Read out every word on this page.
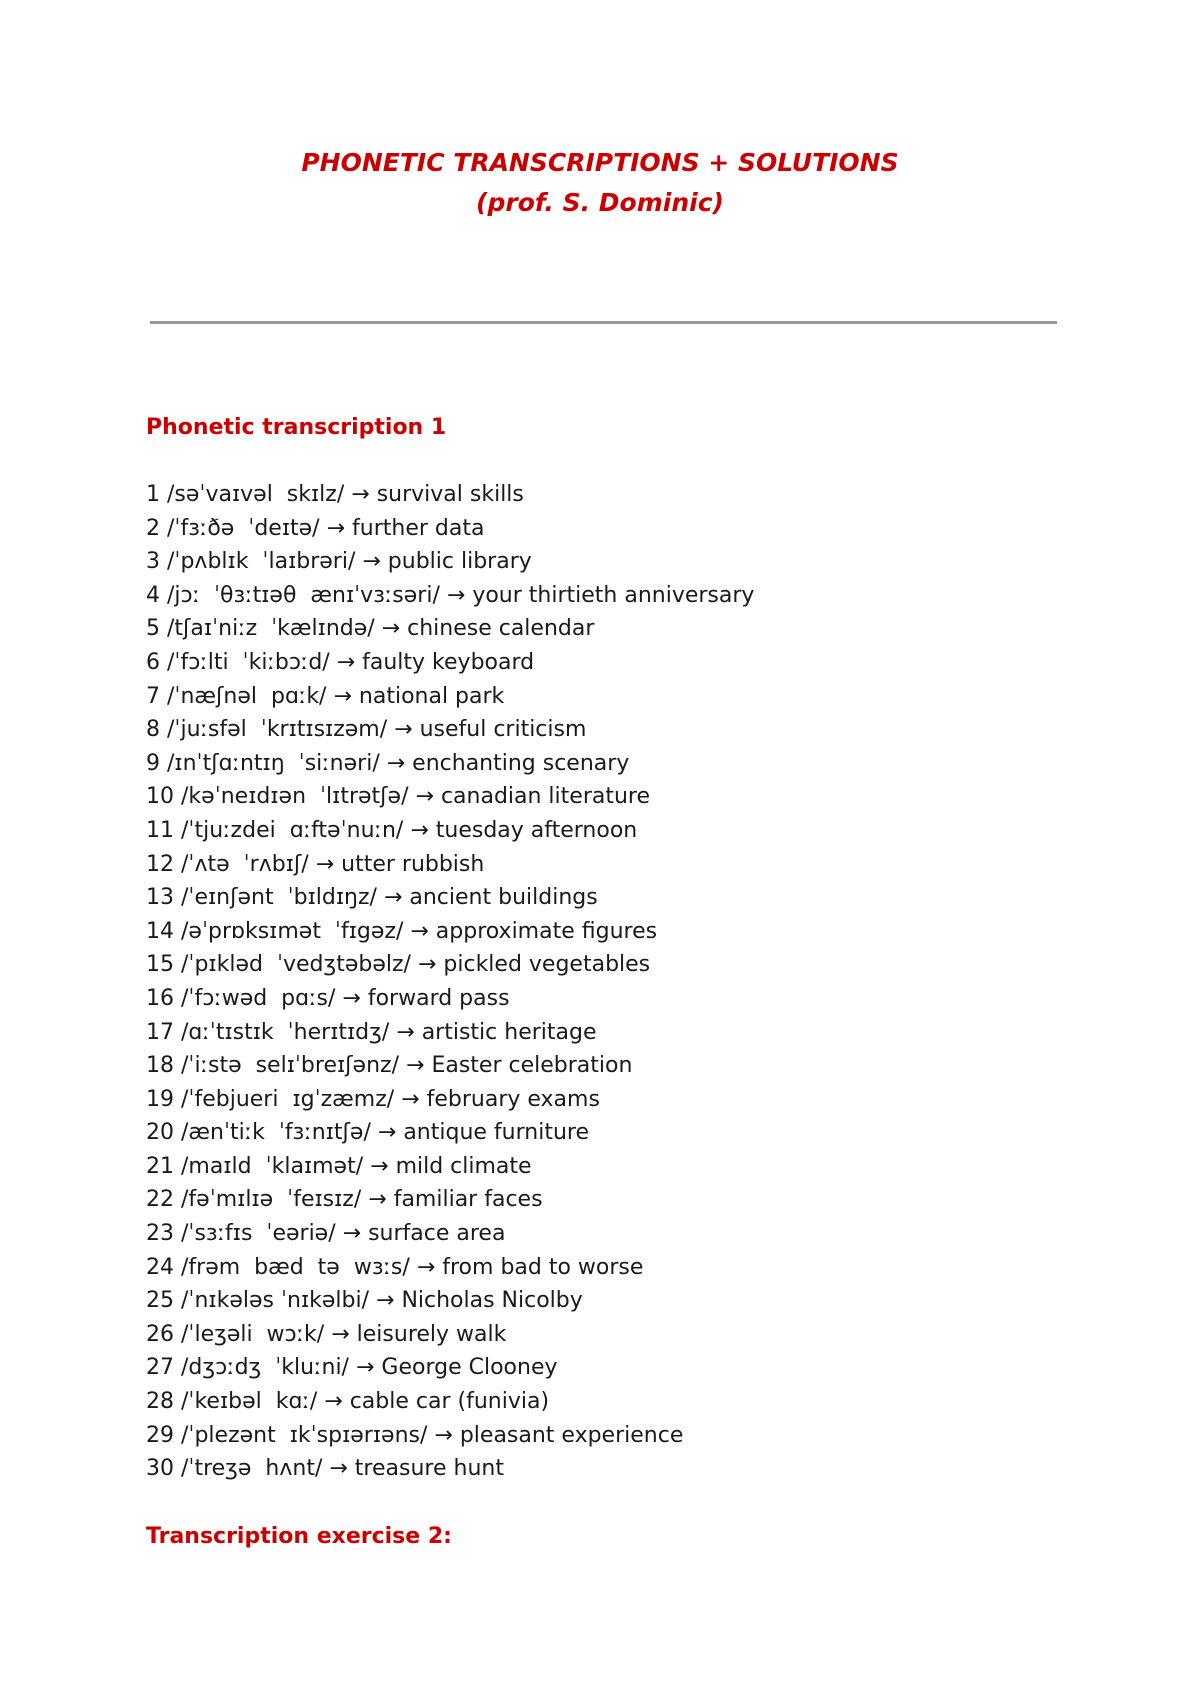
PHONETIC TRANSCRIPTIONS + SOLUTIONS
(prof. S. Dominic)
Phonetic transcription 1
1 /səˈvaɪvəl  skɪlz/ → survival skills
2 /ˈfɜːðə  ˈdeɪtə/ → further data
3 /ˈpʌblɪk  ˈlaɪbrəri/ → public library
4 /jɔː  ˈθɜːtɪəθ  ænɪˈvɜːsəri/ → your thirtieth anniversary
5 /tʃaɪˈniːz  ˈkælɪndə/ → chinese calendar
6 /ˈfɔːlti  ˈkiːbɔːd/ → faulty keyboard
7 /ˈnæʃnəl  pɑːk/ → national park
8 /ˈjuːsfəl  ˈkrɪtɪsɪzəm/ → useful criticism
9 /ɪnˈtʃɑːntɪŋ  ˈsiːnəri/ → enchanting scenary
10 /kəˈneɪdɪən  ˈlɪtrətʃə/ → canadian literature
11 /ˈtjuːzdei  ɑːftəˈnuːn/ → tuesday afternoon
12 /ˈʌtə  ˈrʌbɪʃ/ → utter rubbish
13 /ˈeɪnʃənt  ˈbɪldɪŋz/ → ancient buildings
14 /əˈprɒksɪmət  ˈfɪgəz/ → approximate figures
15 /ˈpɪkləd  ˈvedʒtəbəlz/ → pickled vegetables
16 /ˈfɔːwəd  pɑːs/ → forward pass
17 /ɑːˈtɪstɪk  ˈherɪtɪdʒ/ → artistic heritage
18 /ˈiːstə  selɪˈbreɪʃənz/ → Easter celebration
19 /ˈfebjueri  ɪgˈzæmz/ → february exams
20 /ænˈtiːk  ˈfɜːnɪtʃə/ → antique furniture
21 /maɪld  ˈklaɪmət/ → mild climate
22 /fəˈmɪlɪə  ˈfeɪsɪz/ → familiar faces
23 /ˈsɜːfɪs  ˈeəriə/ → surface area
24 /frəm  bæd  tə  wɜːs/ → from bad to worse
25 /ˈnɪkələs ˈnɪkəlbi/ → Nicholas Nicolby
26 /ˈleʒəli  wɔːk/ → leisurely walk
27 /dʒɔːdʒ  ˈkluːni/ → George Clooney
28 /ˈkeɪbəl  kɑː/ → cable car (funivia)
29 /ˈplezənt  ɪkˈspɪərɪəns/ → pleasant experience
30 /ˈtreʒə  hʌnt/ → treasure hunt
Transcription exercise 2:
